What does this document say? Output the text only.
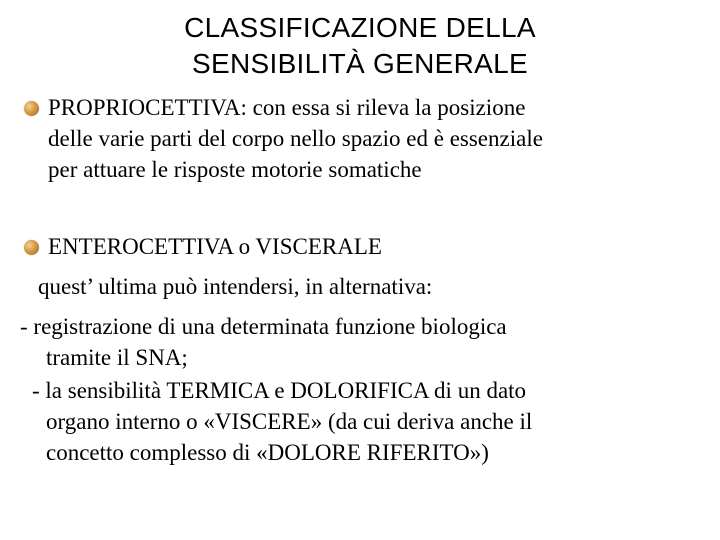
CLASSIFICAZIONE DELLA
SENSIBILITÀ GENERALE
PROPRIOCETTIVA: con essa si rileva la posizione
delle varie parti del corpo nello spazio ed è essenziale
per attuare le risposte motorie somatiche
ENTEROCETTIVA o VISCERALE
quest’ ultima può intendersi, in alternativa:
- registrazione di una determinata funzione biologica
tramite il SNA;
- la sensibilità TERMICA e DOLORIFICA di un dato
organo interno o «VISCERE» (da cui deriva anche il
concetto complesso di «DOLORE RIFERITO»)
